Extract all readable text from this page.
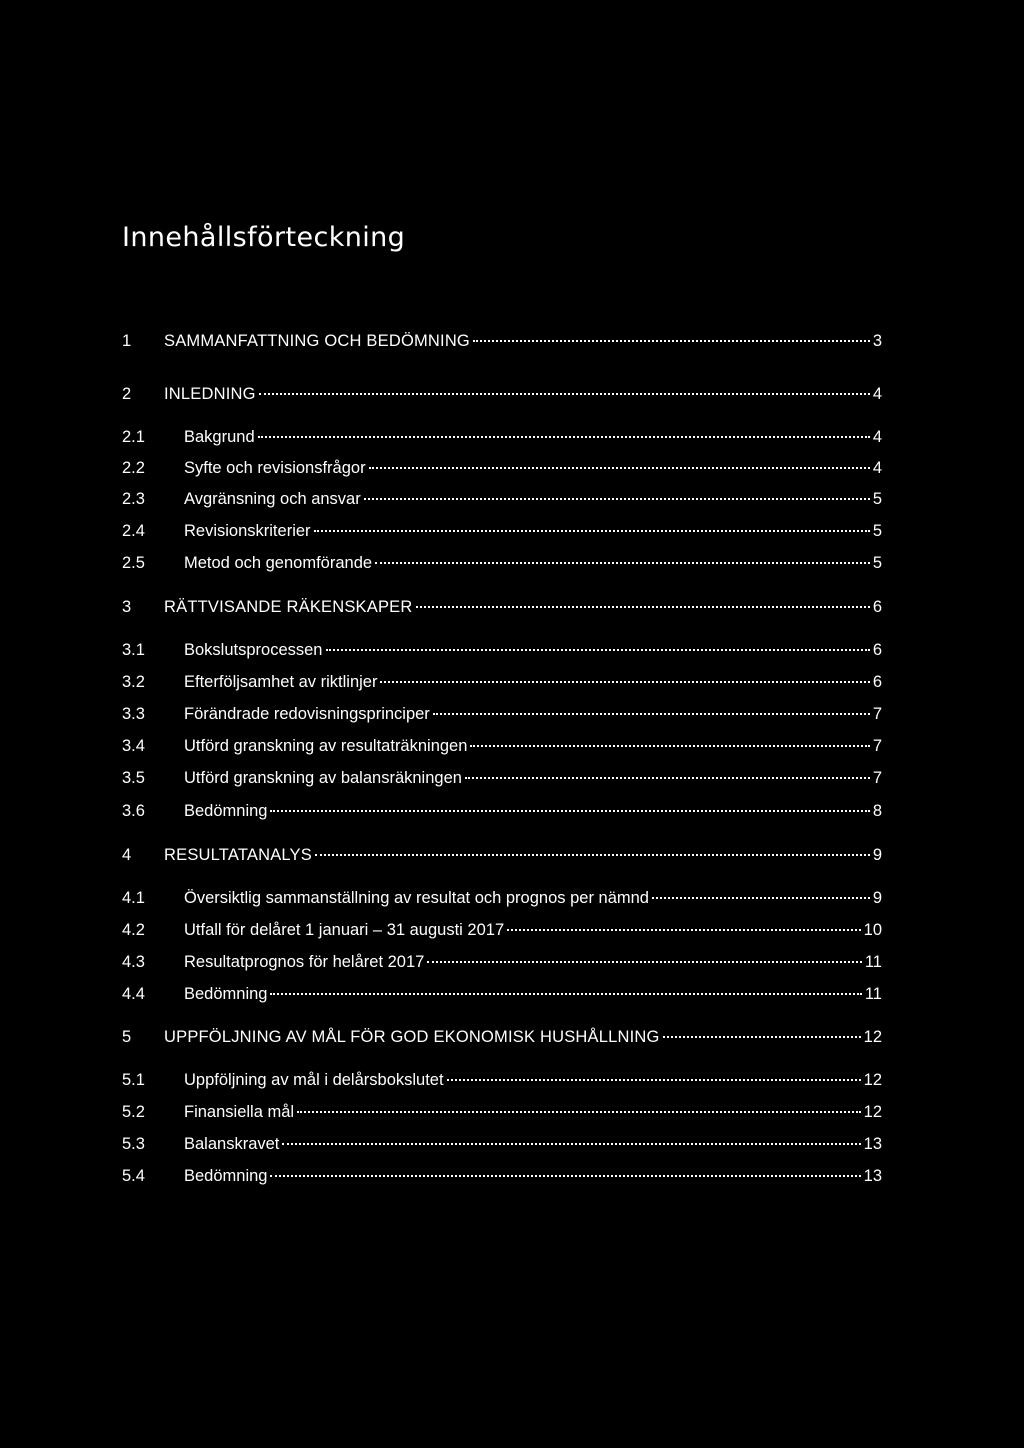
Innehållsförteckning
1	SAMMANFATTNING OCH BEDÖMNING	3
2	INLEDNING	4
2.1	Bakgrund	4
2.2	Syfte och revisionsfrågor	4
2.3	Avgränsning och ansvar	5
2.4	Revisionskriterier	5
2.5	Metod och genomförande	5
3	RÄTTVISANDE RÄKENSKAPER	6
3.1	Bokslutsprocessen	6
3.2	Efterföljsamhet av riktlinjer	6
3.3	Förändrade redovisningsprinciper	7
3.4	Utförd granskning av resultaträkningen	7
3.5	Utförd granskning av balansräkningen	7
3.6	Bedömning	8
4	RESULTATANALYS	9
4.1	Översiktlig sammanställning av resultat och prognos per nämnd	9
4.2	Utfall för delåret 1 januari – 31 augusti 2017	10
4.3	Resultatprognos för helåret 2017	11
4.4	Bedömning	11
5	UPPFÖLJNING AV MÅL FÖR GOD EKONOMISK HUSHÅLLNING	12
5.1	Uppföljning av mål i delårsbokslutet	12
5.2	Finansiella mål	12
5.3	Balanskravet	13
5.4	Bedömning	13
